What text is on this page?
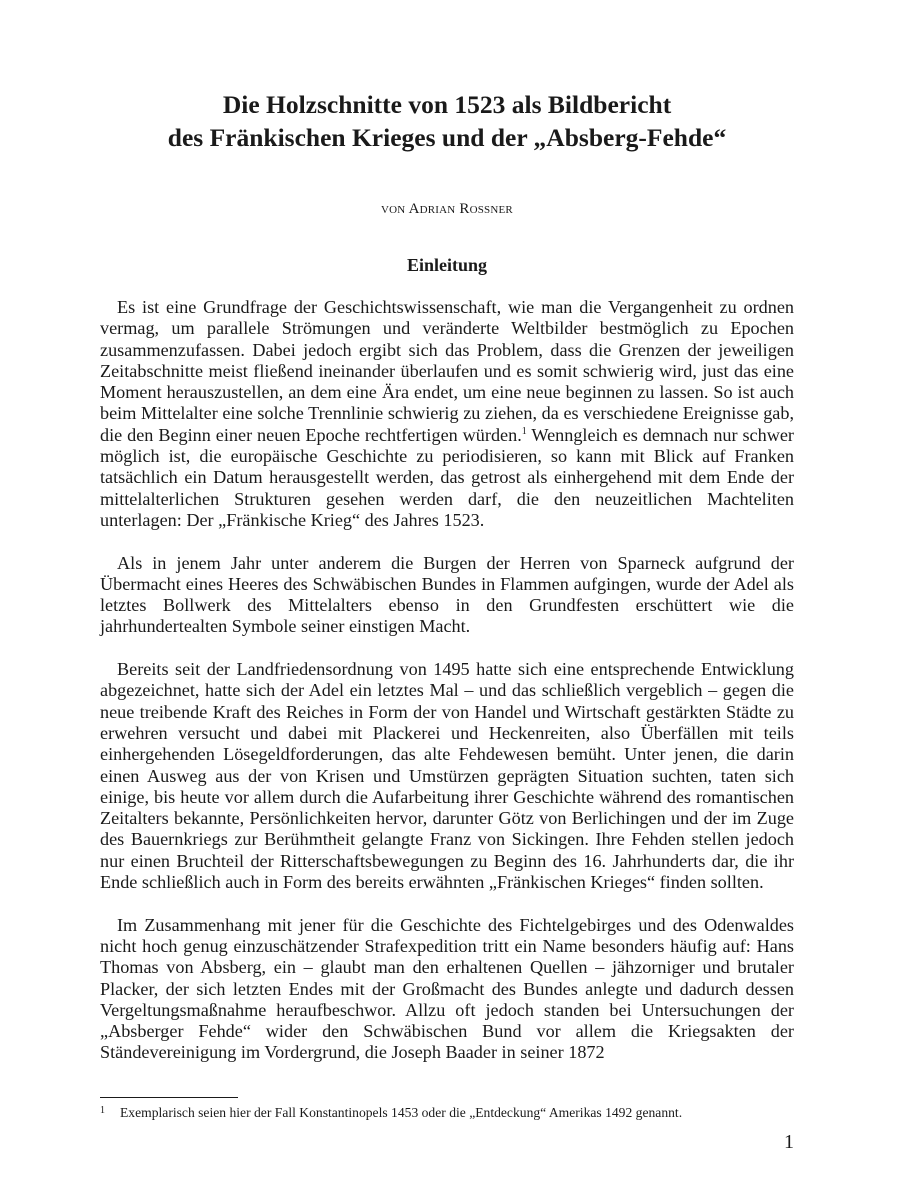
Die Holzschnitte von 1523 als Bildbericht
des Fränkischen Krieges und der „Absberg-Fehde“
von Adrian Rossner
Einleitung

Es ist eine Grundfrage der Geschichtswissenschaft, wie man die Vergangenheit zu ordnen vermag, um parallele Strömungen und veränderte Weltbilder bestmöglich zu Epochen zusammenzufassen. Dabei jedoch ergibt sich das Problem, dass die Grenzen der jeweiligen Zeitabschnitte meist fließend ineinander überlaufen und es somit schwierig wird, just das eine Moment herauszustellen, an dem eine Ära endet, um eine neue beginnen zu lassen. So ist auch beim Mittelalter eine solche Trennlinie schwierig zu ziehen, da es verschiedene Ereignisse gab, die den Beginn einer neuen Epoche rechtfertigen würden.$^1$ Wenngleich es demnach nur schwer möglich ist, die europäische Geschichte zu periodisieren, so kann mit Blick auf Franken tatsächlich ein Datum herausgestellt werden, das getrost als einhergehend mit dem Ende der mittelalterlichen Strukturen gesehen werden darf, die den neuzeitlichen Machteliten unterlagen: Der „Fränkische Krieg“ des Jahres 1523.

Als in jenem Jahr unter anderem die Burgen der Herren von Sparneck aufgrund der Übermacht eines Heeres des Schwäbischen Bundes in Flammen aufgingen, wurde der Adel als letztes Bollwerk des Mittelalters ebenso in den Grundfesten erschüttert wie die jahrhundertealten Symbole seiner einstigen Macht.

Bereits seit der Landfriedensordnung von 1495 hatte sich eine entsprechende Entwicklung abgezeichnet, hatte sich der Adel ein letztes Mal – und das schließlich vergeblich – gegen die neue treibende Kraft des Reiches in Form der von Handel und Wirtschaft gestärkten Städte zu erwehren versucht und dabei mit Plackerei und Heckenreiten, also Überfällen mit teils einhergehenden Lösegeldforderungen, das alte Fehdewesen bemüht. Unter jenen, die darin einen Ausweg aus der von Krisen und Umstürzen geprägten Situation suchten, taten sich einige, bis heute vor allem durch die Aufarbeitung ihrer Geschichte während des romantischen Zeitalters bekannte, Persönlichkeiten hervor, darunter Götz von Berlichingen und der im Zuge des Bauernkriegs zur Berühmtheit gelangte Franz von Sickingen. Ihre Fehden stellen jedoch nur einen Bruchteil der Ritterschaftsbewegungen zu Beginn des 16. Jahrhunderts dar, die ihr Ende schließlich auch in Form des bereits erwähnten „Fränkischen Krieges“ finden sollten.

Im Zusammenhang mit jener für die Geschichte des Fichtelgebirges und des Odenwaldes nicht hoch genug einzuschätzender Strafexpedition tritt ein Name besonders häufig auf: Hans Thomas von Absberg, ein – glaubt man den erhaltenen Quellen – jähzorniger und brutaler Placker, der sich letzten Endes mit der Großmacht des Bundes anlegte und dadurch dessen Vergeltungsmaßnahme heraufbeschwor. Allzu oft jedoch standen bei Untersuchungen der „Absberger Fehde“ wider den Schwäbischen Bund vor allem die Kriegsakten der Ständevereinigung im Vordergrund, die Joseph Baader in seiner 1872

1 Exemplarisch seien hier der Fall Konstantinopels 1453 oder die „Entdeckung“ Amerikas 1492 genannt.
1
